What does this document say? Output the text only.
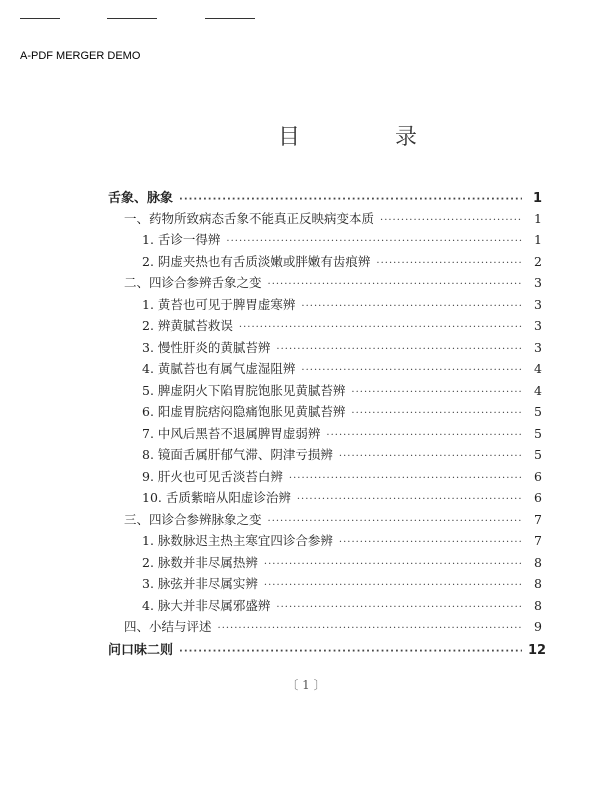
A-PDF MERGER DEMO
目 录
舌象、脉象 ·····	1
一、药物所致病态舌象不能真正反映病变本质 ·····	1
1. 舌诊一得辨 ·····	1
2. 阴虚夹热也有舌质淡嫩或胖嫩有齿痕辨 ·····	2
二、四诊合参辨舌象之变 ·····	3
1. 黄苔也可见于脾胃虚寒辨 ·····	3
2. 辨黄腻苔救误 ·····	3
3. 慢性肝炎的黄腻苔辨 ·····	3
4. 黄腻苔也有属气虚湿阻辨 ·····	4
5. 脾虚阴火下陷胃脘饱胀见黄腻苔辨 ·····	4
6. 阳虚胃脘痞闷隐痛饱胀见黄腻苔辨 ·····	5
7. 中风后黑苔不退属脾胃虚弱辨 ·····	5
8. 镜面舌属肝郁气滞、阴津亏损辨 ·····	5
9. 肝火也可见舌淡苔白辨 ·····	6
10. 舌质紫暗从阳虚诊治辨 ·····	6
三、四诊合参辨脉象之变 ·····	7
1. 脉数脉迟主热主寒宜四诊合参辨 ·····	7
2. 脉数并非尽属热辨 ·····	8
3. 脉弦并非尽属实辨 ·····	8
4. 脉大并非尽属邪盛辨 ·····	8
四、小结与评述 ·····	9
问口味二则 ·····	12
〔 1 〕
